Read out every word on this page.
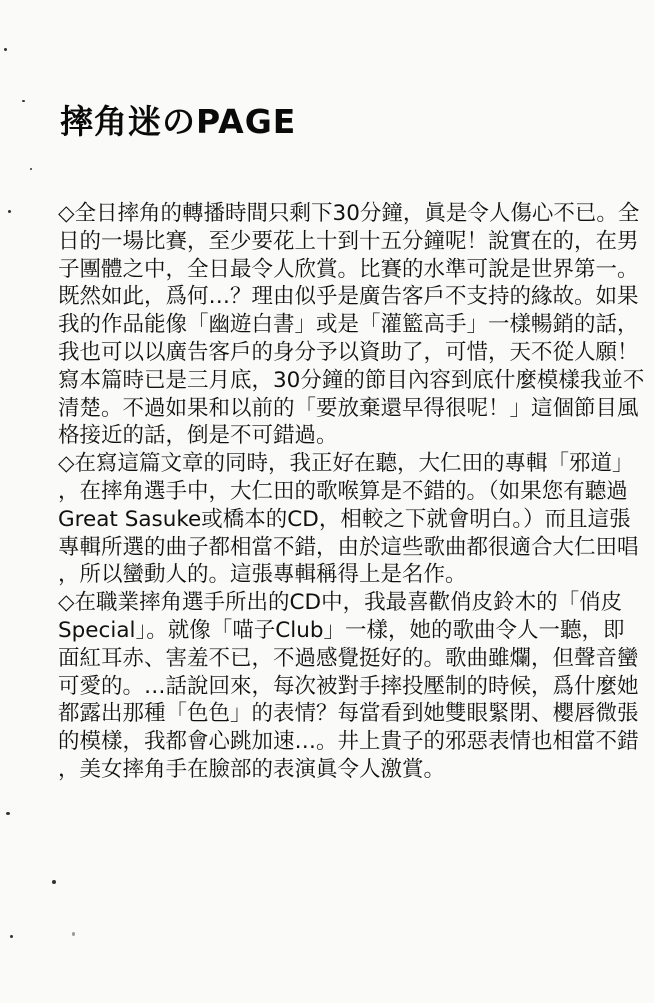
摔角迷のPAGE
◇全日摔角的轉播時間只剩下30分鐘，眞是令人傷心不已。全
日的一場比賽，至少要花上十到十五分鐘呢！說實在的，在男
子團體之中，全日最令人欣賞。比賽的水準可說是世界第一。
既然如此，爲何…？理由似乎是廣告客戶不支持的緣故。如果
我的作品能像「幽遊白書」或是「灌籃高手」一樣暢銷的話，
我也可以以廣告客戶的身分予以資助了，可惜，天不從人願！
寫本篇時已是三月底，30分鐘的節目內容到底什麼模樣我並不
清楚。不過如果和以前的「要放棄還早得很呢！」這個節目風
格接近的話，倒是不可錯過。
◇在寫這篇文章的同時，我正好在聽，大仁田的專輯「邪道」
，在摔角選手中，大仁田的歌喉算是不錯的。（如果您有聽過
Great Sasuke或橋本的CD，相較之下就會明白。）而且這張
專輯所選的曲子都相當不錯，由於這些歌曲都很適合大仁田唱
，所以蠻動人的。這張專輯稱得上是名作。
◇在職業摔角選手所出的CD中，我最喜歡俏皮鈴木的「俏皮
Special」。就像「喵子Club」一樣，她的歌曲令人一聽，即
面紅耳赤、害羞不已，不過感覺挺好的。歌曲雖爛，但聲音蠻
可愛的。…話說回來，每次被對手摔投壓制的時候，爲什麼她
都露出那種「色色」的表情？每當看到她雙眼緊閉、櫻唇微張
的模樣，我都會心跳加速…。井上貴子的邪惡表情也相當不錯
，美女摔角手在臉部的表演眞令人激賞。
